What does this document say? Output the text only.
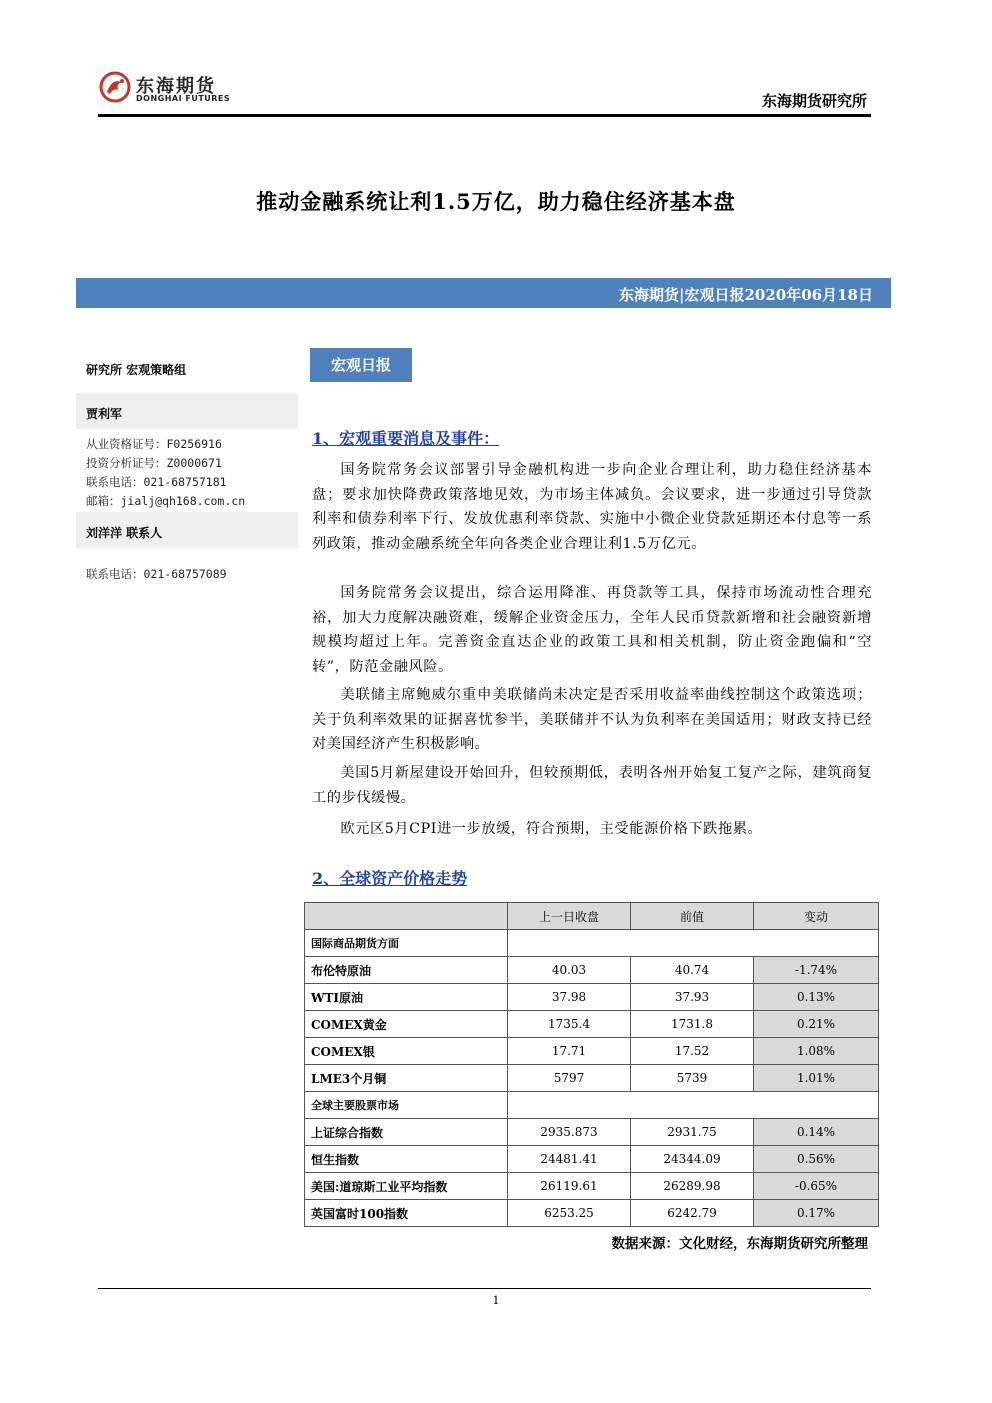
东海期货
DONGHAI FUTURES	东海期货研究所
推动金融系统让利1.5万亿，助力稳住经济基本盘
东海期货|宏观日报2020年06月18日
研究所 宏观策略组
贾利军
从业资格证号：F0256916
投资分析证号：Z0000671
联系电话：021-68757181
邮箱：jialj@qh168.com.cn
刘洋洋 联系人
联系电话：021-68757089
宏观日报
1、宏观重要消息及事件：
国务院常务会议部署引导金融机构进一步向企业合理让利，助力稳住经济基本盘；要求加快降费政策落地见效，为市场主体减负。会议要求，进一步通过引导贷款利率和债券利率下行、发放优惠利率贷款、实施中小微企业贷款延期还本付息等一系列政策，推动金融系统全年向各类企业合理让利1.5万亿元。
国务院常务会议提出，综合运用降准、再贷款等工具，保持市场流动性合理充裕，加大力度解决融资难，缓解企业资金压力，全年人民币贷款新增和社会融资新增规模均超过上年。完善资金直达企业的政策工具和相关机制，防止资金跑偏和“空转”，防范金融风险。
美联储主席鲍威尔重申美联储尚未决定是否采用收益率曲线控制这个政策选项；关于负利率效果的证据喜忧参半，美联储并不认为负利率在美国适用；财政支持已经对美国经济产生积极影响。
美国5月新屋建设开始回升，但较预期低，表明各州开始复工复产之际，建筑商复工的步伐缓慢。
欧元区5月CPI进一步放缓，符合预期，主受能源价格下跌拖累。
2、全球资产价格走势
	上一日收盘	前值	变动
国际商品期货方面			
布伦特原油	40.03	40.74	-1.74%
WTI原油	37.98	37.93	0.13%
COMEX黄金	1735.4	1731.8	0.21%
COMEX银	17.71	17.52	1.08%
LME3个月铜	5797	5739	1.01%
全球主要股票市场			
上证综合指数	2935.873	2931.75	0.14%
恒生指数	24481.41	24344.09	0.56%
美国:道琼斯工业平均指数	26119.61	26289.98	-0.65%
英国富时100指数	6253.25	6242.79	0.17%
数据来源：文化财经，东海期货研究所整理
1
